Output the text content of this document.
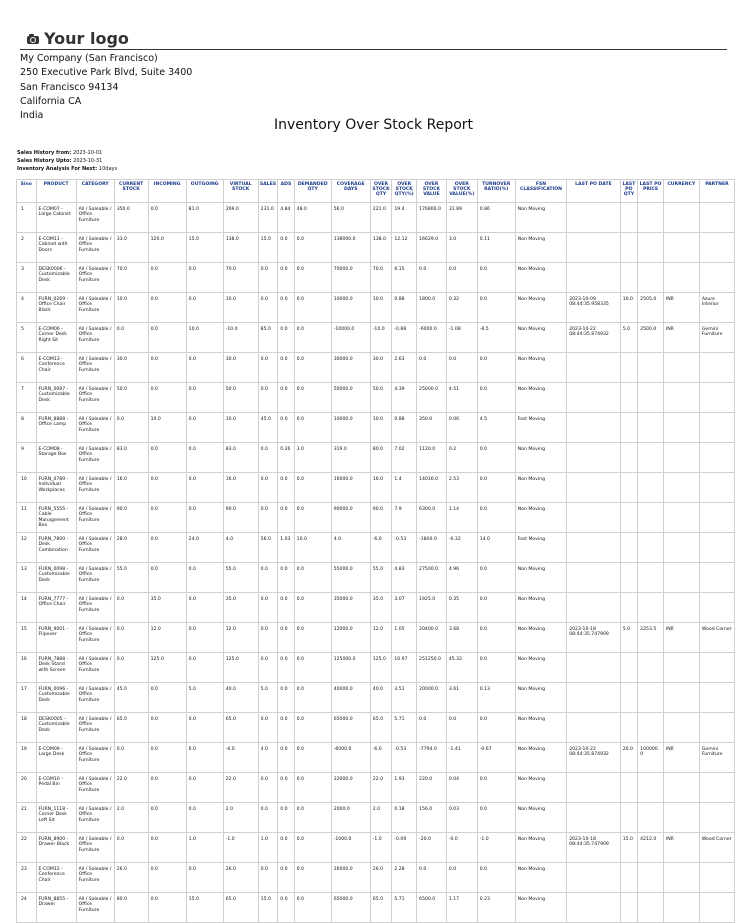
Your logo
My Company (San Francisco)
250 Executive Park Blvd, Suite 3400
San Francisco 94134
California CA
India
Inventory Over Stock Report
Sales History from: 2023-10-01
Sales History Upto: 2023-10-31
Inventory Analysis For Next: 10days
Sino	PRODUCT	CATEGORY	CURRENT STOCK	INCOMING	OUTGOING	VIRTUAL STOCK	SALES	ADS	DEMANDED QTY	COVERAGE DAYS	OVER STOCK QTY	OVER STOCK QTY(%)	OVER STOCK VALUE	OVER STOCK VALUE(%)	TURNOVER RATIO(%)	FSN CLASSIFICATION	LAST PO DATE	LAST PO QTY	LAST PO PRICE	CURRENCY	PARTNER
1	E-COM07 - Large Cabinet	All / Saleable / Office Furniture	350.0	0.0	81.0	269.0	231.0	4.84	48.0	56.0	221.0	19.4	176800.0	31.89	0.86	Non Moving					
2	E-COM11 - Cabinet with Doors	All / Saleable / Office Furniture	33.0	120.0	15.0	138.0	15.0	0.0	0.0	138000.0	138.0	12.12	16629.0	3.0	0.11	Non Moving					
3	DESK0006 - Customizable Desk	All / Saleable / Office Furniture	70.0	0.0	0.0	70.0	0.0	0.0	0.0	70000.0	70.0	6.15	0.0	0.0	0.0	Non Moving					
4	FURN_0269 - Office Chair Black	All / Saleable / Office Furniture	10.0	0.0	0.0	10.0	0.0	0.0	0.0	10000.0	10.0	0.88	1800.0	0.32	0.0	Non Moving	2023-10-09 08:44:35.958335	10.0	2505.0	INR	Azure Interior
5	E-COM06 - Corner Desk Right Sit	All / Saleable / Office Furniture	0.0	0.0	10.0	-10.0	85.0	0.0	0.0	-10000.0	-10.0	-0.88	-6000.0	-1.08	-8.5	Non Moving	2023-10-22 08:44:35.874932	5.0	2500.0	INR	Gemini Furniture
6	E-COM13 - Conference Chair	All / Saleable / Office Furniture	30.0	0.0	0.0	30.0	0.0	0.0	0.0	30000.0	30.0	2.63	0.0	0.0	0.0	Non Moving					
7	FURN_0097 - Customizable Desk	All / Saleable / Office Furniture	50.0	0.0	0.0	50.0	0.0	0.0	0.0	50000.0	50.0	4.39	25000.0	4.51	0.0	Non Moving					
8	FURN_8888 - Office Lamp	All / Saleable / Office Furniture	0.0	10.0	0.0	10.0	45.0	0.0	0.0	10000.0	10.0	0.88	350.0	0.06	4.5	Fast Moving					
9	E-COM08 - Storage Box	All / Saleable / Office Furniture	83.0	0.0	0.0	83.0	0.0	0.26	3.0	319.0	80.0	7.02	1120.0	0.2	0.0	Non Moving					
10	FURN_0789 - Individual Workplaces	All / Saleable / Office Furniture	16.0	0.0	0.0	16.0	0.0	0.0	0.0	16000.0	16.0	1.4	14016.0	2.53	0.0	Non Moving					
11	FURN_5555 - Cable Management Box	All / Saleable / Office Furniture	90.0	0.0	0.0	90.0	0.0	0.0	0.0	90000.0	90.0	7.9	6300.0	1.14	0.0	Non Moving					
12	FURN_7800 - Desk Combination	All / Saleable / Office Furniture	28.0	0.0	24.0	4.0	56.0	1.03	10.0	4.0	-6.0	-0.53	-1800.0	-0.32	14.0	Fast Moving					
13	FURN_0098 - Customizable Desk	All / Saleable / Office Furniture	55.0	0.0	0.0	55.0	0.0	0.0	0.0	55000.0	55.0	4.83	27500.0	4.96	0.0	Non Moving					
14	FURN_7777 - Office Chair	All / Saleable / Office Furniture	0.0	35.0	0.0	35.0	0.0	0.0	0.0	35000.0	35.0	3.07	1925.0	0.35	0.0	Non Moving					
15	FURN_9001 - Flipover	All / Saleable / Office Furniture	0.0	12.0	0.0	12.0	0.0	0.0	0.0	12000.0	12.0	1.05	20400.0	3.68	0.0	Non Moving	2023-10-18 08:44:35.747909	5.0	2253.5	INR	Wood Corner
16	FURN_7888 - Desk Stand with Screen	All / Saleable / Office Furniture	0.0	125.0	0.0	125.0	0.0	0.0	0.0	125000.0	125.0	10.97	251250.0	45.32	0.0	Non Moving					
17	FURN_0096 - Customizable Desk	All / Saleable / Office Furniture	45.0	0.0	5.0	40.0	5.0	0.0	0.0	40000.0	40.0	3.51	20000.0	3.61	0.13	Non Moving					
18	DESK0005 - Customizable Desk	All / Saleable / Office Furniture	65.0	0.0	0.0	65.0	0.0	0.0	0.0	65000.0	65.0	5.71	0.0	0.0	0.0	Non Moving					
19	E-COM09 - Large Desk	All / Saleable / Office Furniture	0.0	0.0	6.0	-6.0	4.0	0.0	0.0	-6000.0	-6.0	-0.53	-7794.0	-1.41	-0.67	Non Moving	2023-10-22 08:44:35.874932	20.0	100000.0	INR	Gemini Furniture
20	E-COM10 - Pedal Bin	All / Saleable / Office Furniture	22.0	0.0	0.0	22.0	0.0	0.0	0.0	22000.0	22.0	1.93	220.0	0.04	0.0	Non Moving					
21	FURN_1118 - Corner Desk Left Sit	All / Saleable / Office Furniture	2.0	0.0	0.0	2.0	0.0	0.0	0.0	2000.0	2.0	0.18	156.0	0.03	0.0	Non Moving					
22	FURN_8900 - Drawer Black	All / Saleable / Office Furniture	0.0	0.0	1.0	-1.0	1.0	0.0	0.0	-1000.0	-1.0	-0.09	-20.0	-0.0	-1.0	Non Moving	2023-10-18 08:44:35.747909	15.0	4212.0	INR	Wood Corner
23	E-COM12 - Conference Chair	All / Saleable / Office Furniture	26.0	0.0	0.0	26.0	0.0	0.0	0.0	26000.0	26.0	2.28	0.0	0.0	0.0	Non Moving					
24	FURN_8855 - Drawer	All / Saleable / Office Furniture	80.0	0.0	15.0	65.0	15.0	0.0	0.0	65000.0	65.0	5.71	6500.0	1.17	0.23	Non Moving					
